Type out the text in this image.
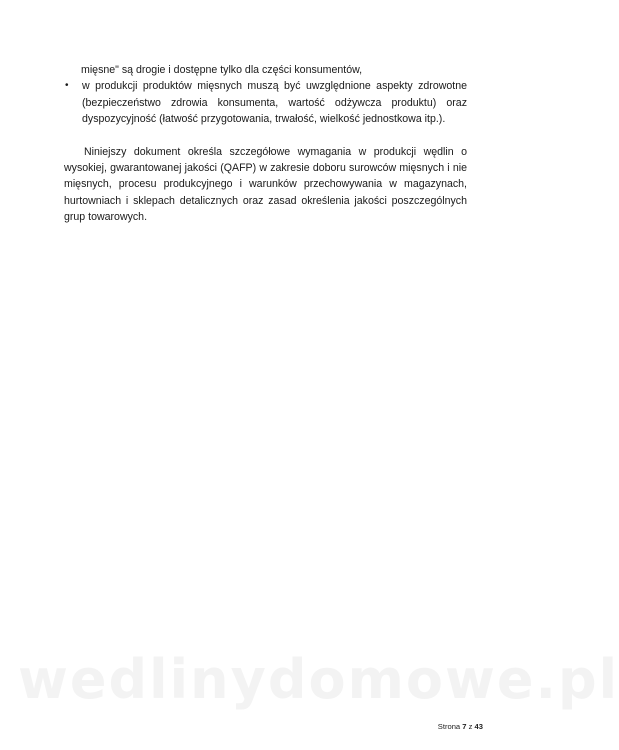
mięsne" są drogie i dostępne tylko dla części konsumentów,
•	w produkcji produktów mięsnych muszą być uwzględnione aspekty zdrowotne (bezpieczeństwo zdrowia konsumenta, wartość odżywcza produktu) oraz dyspozycyjność (łatwość przygotowania, trwałość, wielkość jednostkowa itp.).
Niniejszy dokument określa szczegółowe wymagania w produkcji wędlin o wysokiej, gwarantowanej jakości (QAFP) w zakresie doboru surowców mięsnych i nie mięsnych, procesu produkcyjnego i warunków przechowywania w magazynach, hurtowniach i sklepach detalicznych oraz zasad określenia jakości poszczególnych grup towarowych.
wedlinydomowe.pl
Strona 7 z 43
